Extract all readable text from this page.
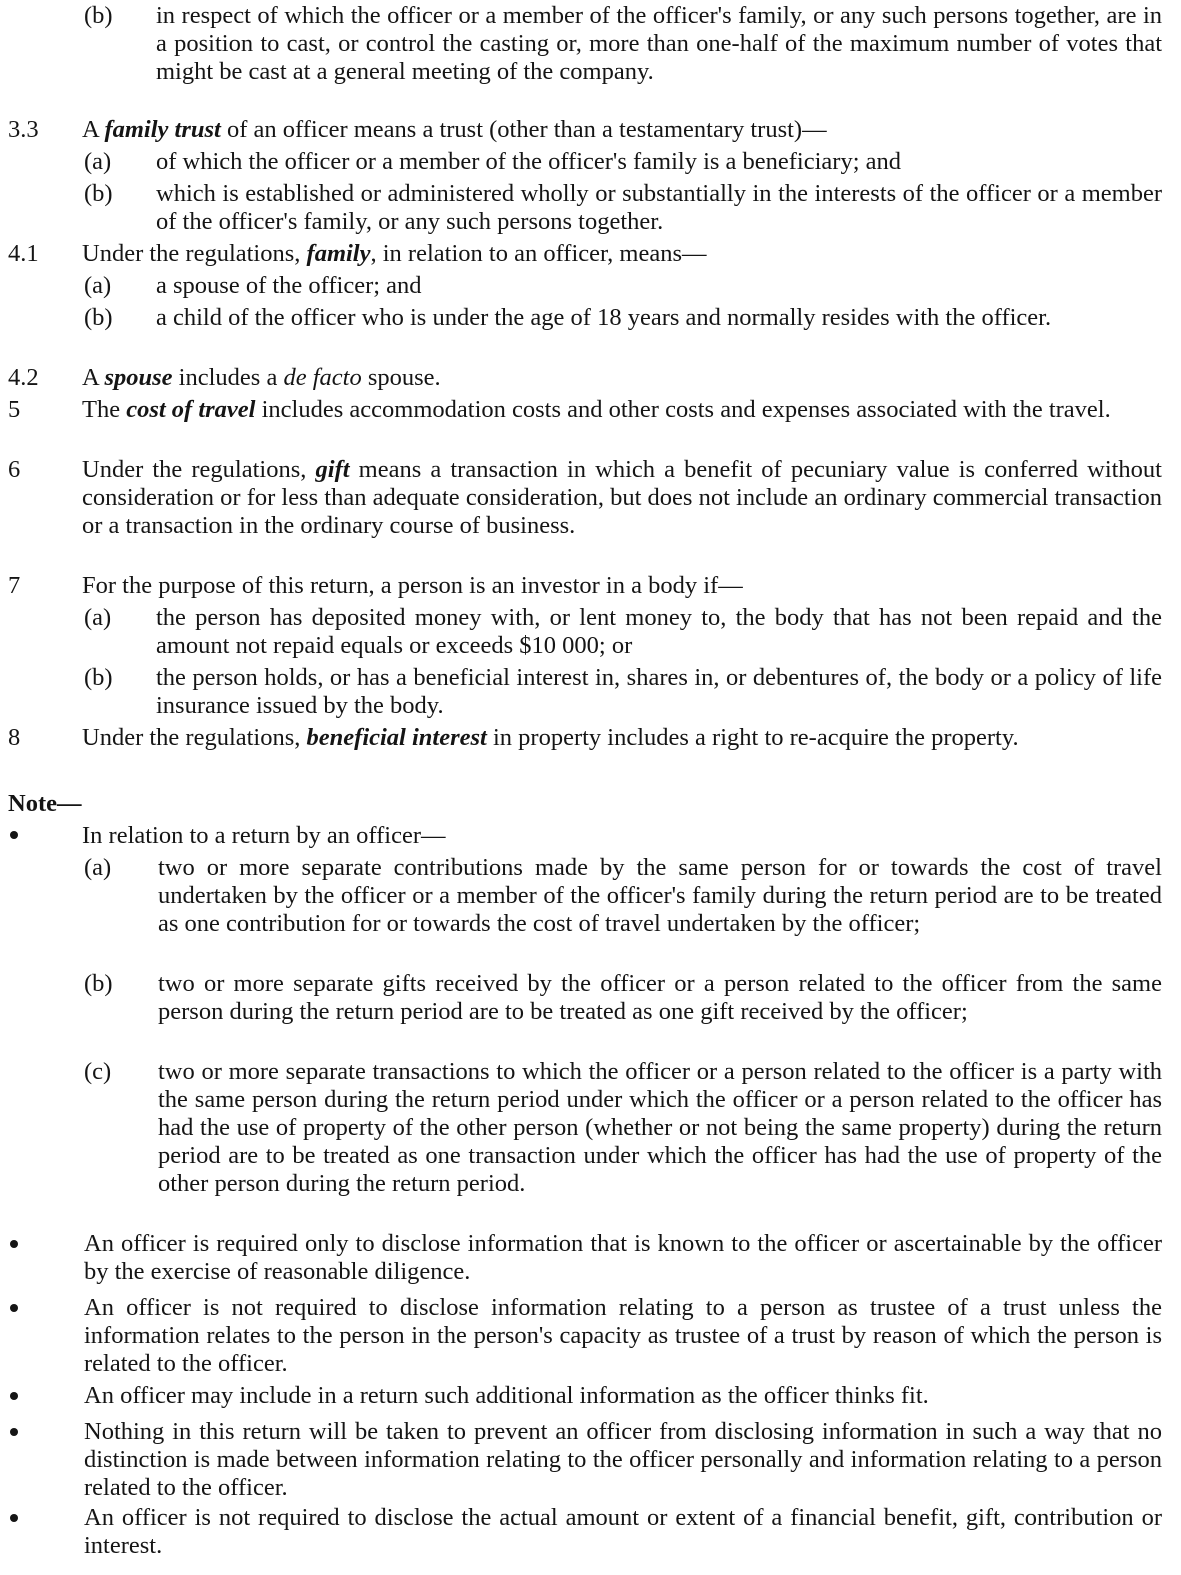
(b) in respect of which the officer or a member of the officer's family, or any such persons together, are in a position to cast, or control the casting or, more than one-half of the maximum number of votes that might be cast at a general meeting of the company.

3.3 A family trust of an officer means a trust (other than a testamentary trust)—

(a) of which the officer or a member of the officer's family is a beneficiary; and

(b) which is established or administered wholly or substantially in the interests of the officer or a member of the officer's family, or any such persons together.

4.1 Under the regulations, family, in relation to an officer, means—

(a) a spouse of the officer; and

(b) a child of the officer who is under the age of 18 years and normally resides with the officer.

4.2 A spouse includes a de facto spouse.

5	The cost of travel includes accommodation costs and other costs and expenses associated with the travel.

6	Under the regulations, gift means a transaction in which a benefit of pecuniary value is conferred without consideration or for less than adequate consideration, but does not include an ordinary commercial transaction or a transaction in the ordinary course of business.

7	For the purpose of this return, a person is an investor in a body if—

(a) the person has deposited money with, or lent money to, the body that has not been repaid and the amount not repaid equals or exceeds $10 000; or

(b) the person holds, or has a beneficial interest in, shares in, or debentures of, the body or a policy of life insurance issued by the body.

8	Under the regulations, beneficial interest in property includes a right to re-acquire the property.

Note—

In relation to a return by an officer—

(a) two or more separate contributions made by the same person for or towards the cost of travel undertaken by the officer or a member of the officer's family during the return period are to be treated as one contribution for or towards the cost of travel undertaken by the officer;

(b) two or more separate gifts received by the officer or a person related to the officer from the same person during the return period are to be treated as one gift received by the officer;

(c) two or more separate transactions to which the officer or a person related to the officer is a party with the same person during the return period under which the officer or a person related to the officer has had the use of property of the other person (whether or not being the same property) during the return period are to be treated as one transaction under which the officer has had the use of property of the other person during the return period.

An officer is required only to disclose information that is known to the officer or ascertainable by the officer by the exercise of reasonable diligence.

An officer is not required to disclose information relating to a person as trustee of a trust unless the information relates to the person in the person's capacity as trustee of a trust by reason of which the person is related to the officer.

An officer may include in a return such additional information as the officer thinks fit.

Nothing in this return will be taken to prevent an officer from disclosing information in such a way that no distinction is made between information relating to the officer personally and information relating to a person related to the officer.

An officer is not required to disclose the actual amount or extent of a financial benefit, gift, contribution or interest.
